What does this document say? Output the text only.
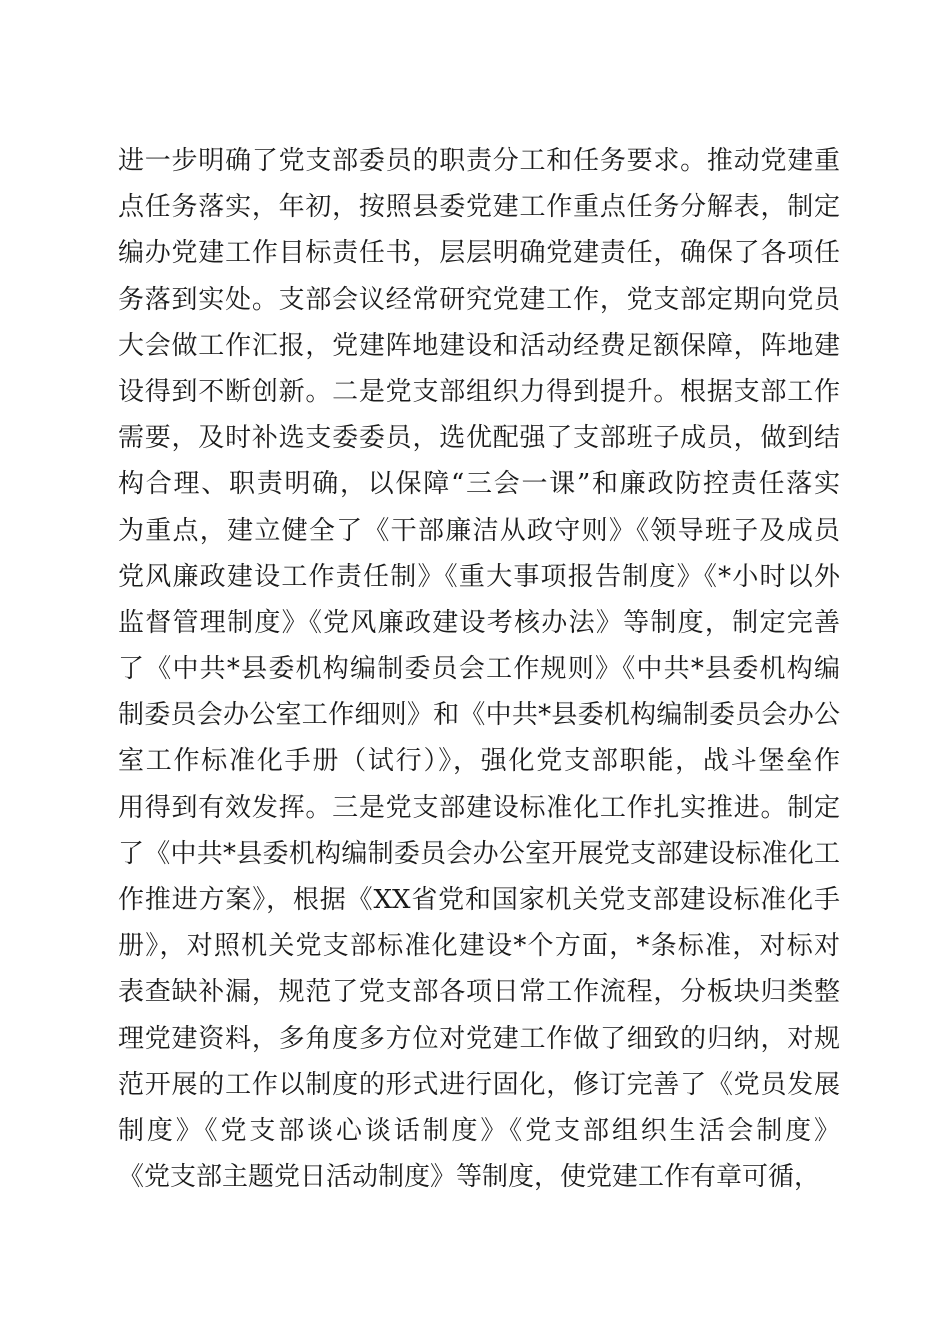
进一步明确了党支部委员的职责分工和任务要求。推动党建重
点任务落实，年初，按照县委党建工作重点任务分解表，制定
编办党建工作目标责任书，层层明确党建责任，确保了各项任
务落到实处。支部会议经常研究党建工作，党支部定期向党员
大会做工作汇报，党建阵地建设和活动经费足额保障，阵地建
设得到不断创新。二是党支部组织力得到提升。根据支部工作
需要，及时补选支委委员，选优配强了支部班子成员，做到结
构合理、职责明确，以保障“三会一课”和廉政防控责任落实
为重点，建立健全了《干部廉洁从政守则》《领导班子及成员
党风廉政建设工作责任制》《重大事项报告制度》《*小时以外
监督管理制度》《党风廉政建设考核办法》等制度，制定完善
了《中共*县委机构编制委员会工作规则》《中共*县委机构编
制委员会办公室工作细则》和《中共*县委机构编制委员会办公
室工作标准化手册（试行）》，强化党支部职能，战斗堡垒作
用得到有效发挥。三是党支部建设标准化工作扎实推进。制定
了《中共*县委机构编制委员会办公室开展党支部建设标准化工
作推进方案》，根据《XX省党和国家机关党支部建设标准化手
册》，对照机关党支部标准化建设*个方面，*条标准，对标对
表查缺补漏，规范了党支部各项日常工作流程，分板块归类整
理党建资料，多角度多方位对党建工作做了细致的归纳，对规
范开展的工作以制度的形式进行固化，修订完善了《党员发展
制度》《党支部谈心谈话制度》《党支部组织生活会制度》
《党支部主题党日活动制度》等制度，使党建工作有章可循，
